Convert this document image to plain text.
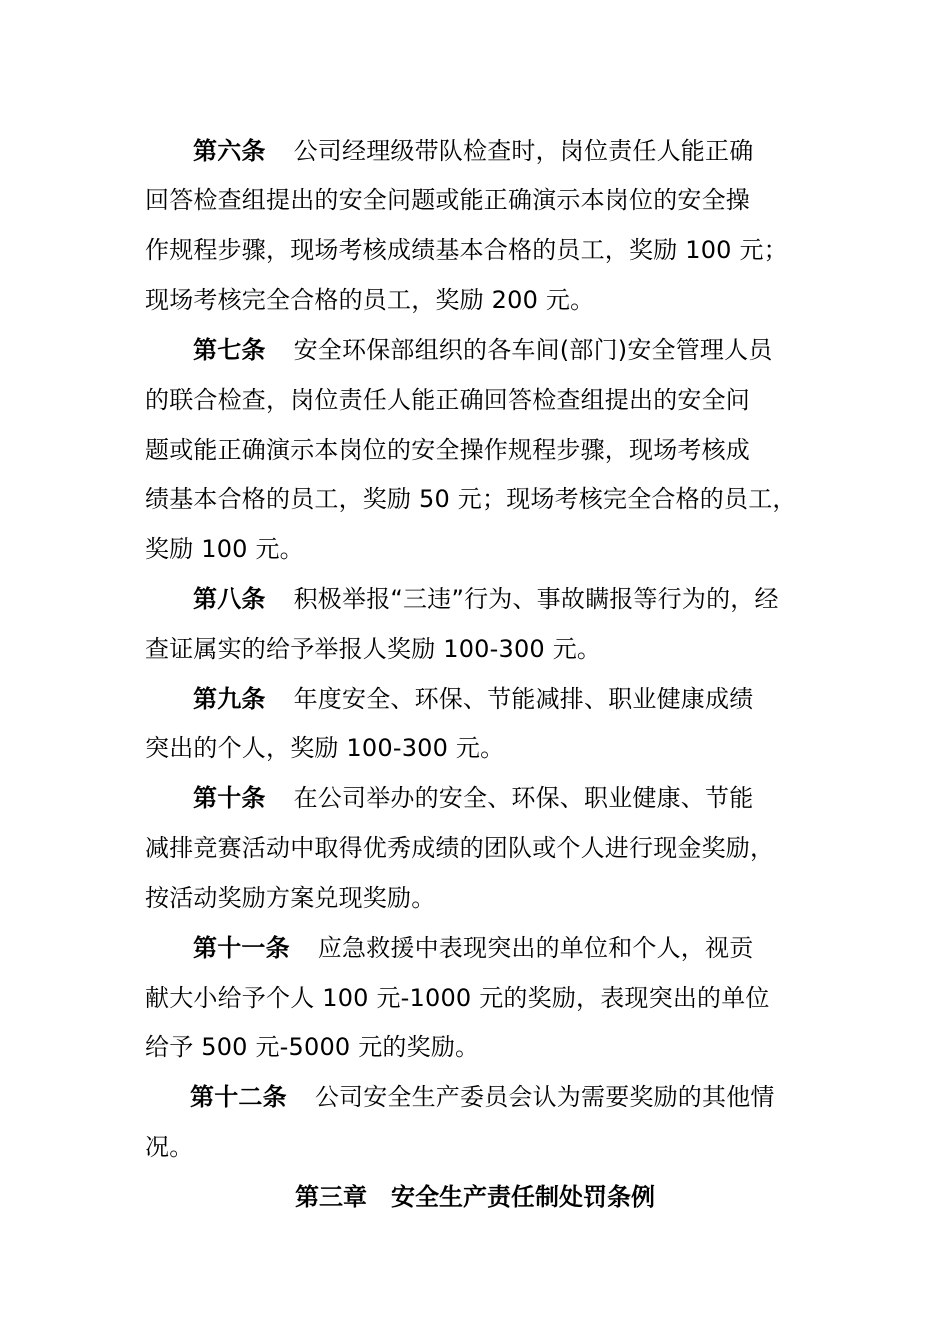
第六条 公司经理级带队检查时，岗位责任人能正确
回答检查组提出的安全问题或能正确演示本岗位的安全操
作规程步骤，现场考核成绩基本合格的员工，奖励 100 元；
现场考核完全合格的员工，奖励 200 元。
第七条 安全环保部组织的各车间(部门)安全管理人员
的联合检查，岗位责任人能正确回答检查组提出的安全问
题或能正确演示本岗位的安全操作规程步骤，现场考核成
绩基本合格的员工，奖励 50 元；现场考核完全合格的员工，
奖励 100 元。
第八条 积极举报“三违”行为、事故瞒报等行为的，经
查证属实的给予举报人奖励 100-300 元。
第九条 年度安全、环保、节能减排、职业健康成绩
突出的个人，奖励 100-300 元。
第十条 在公司举办的安全、环保、职业健康、节能
减排竞赛活动中取得优秀成绩的团队或个人进行现金奖励，
按活动奖励方案兑现奖励。
第十一条 应急救援中表现突出的单位和个人，视贡
献大小给予个人 100 元-1000 元的奖励，表现突出的单位
给予 500 元-5000 元的奖励。
第十二条 公司安全生产委员会认为需要奖励的其他情
况。
第三章　安全生产责任制处罚条例
